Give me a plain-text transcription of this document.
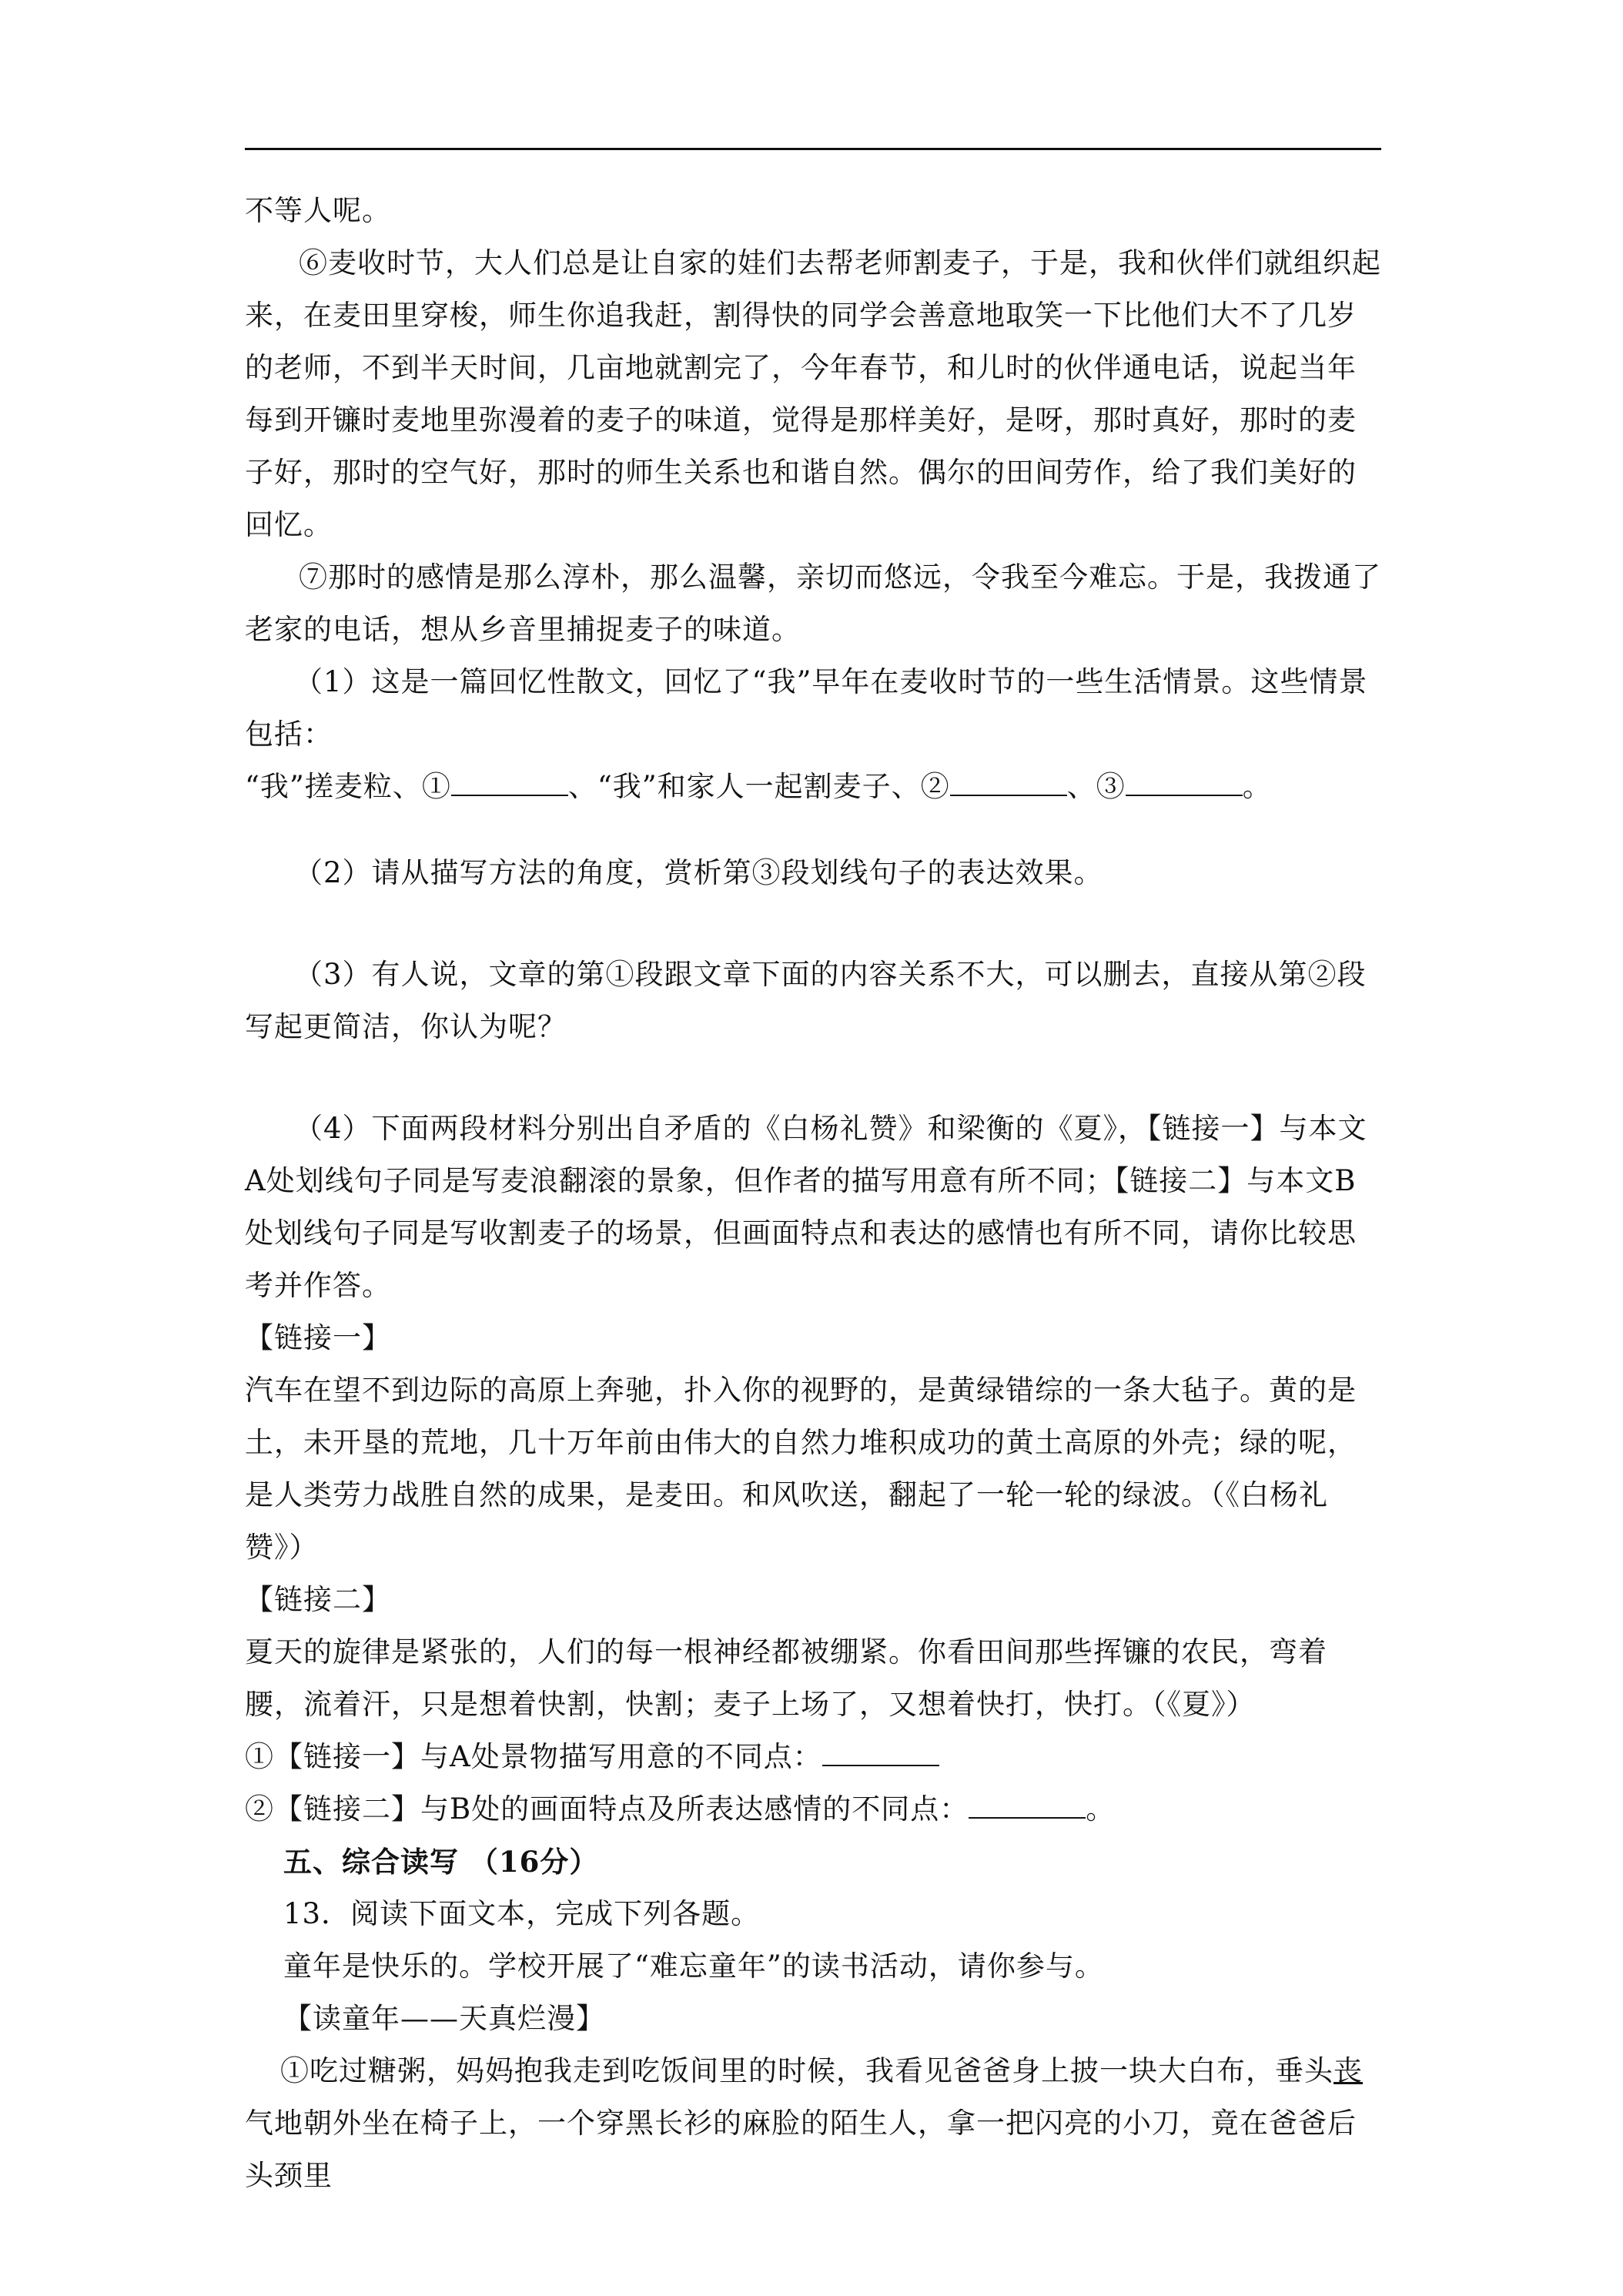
不等人呢。

⑥麦收时节，大人们总是让自家的娃们去帮老师割麦子，于是，我和伙伴们就组织起来，在麦田里穿梭，师生你追我赶，割得快的同学会善意地取笑一下比他们大不了几岁的老师，不到半天时间，几亩地就割完了，今年春节，和儿时的伙伴通电话，说起当年每到开镰时麦地里弥漫着的麦子的味道，觉得是那样美好，是呀，那时真好，那时的麦子好，那时的空气好，那时的师生关系也和谐自然。偶尔的田间劳作，给了我们美好的回忆。

⑦那时的感情是那么淳朴，那么温馨，亲切而悠远，令我至今难忘。于是，我拨通了老家的电话，想从乡音里捕捉麦子的味道。

（1）这是一篇回忆性散文，回忆了“我”早年在麦收时节的一些生活情景。这些情景包括：
“我”搓麦粒、①	、“我”和家人一起割麦子、②	、③	。

（2）请从描写方法的角度，赏析第③段划线句子的表达效果。

（3）有人说，文章的第①段跟文章下面的内容关系不大，可以删去，直接从第②段写起更简洁，你认为呢？

（4）下面两段材料分别出自矛盾的《白杨礼赞》和梁衡的《夏》，【链接一】与本文A处划线句子同是写麦浪翻滚的景象，但作者的描写用意有所不同；【链接二】与本文B处划线句子同是写收割麦子的场景，但画面特点和表达的感情也有所不同，请你比较思考并作答。

【链接一】

汽车在望不到边际的高原上奔驰，扑入你的视野的，是黄绿错综的一条大毡子。黄的是土，未开垦的荒地，几十万年前由伟大的自然力堆积成功的黄土高原的外壳；绿的呢，是人类劳力战胜自然的成果，是麦田。和风吹送，翻起了一轮一轮的绿波。（《白杨礼赞》）

【链接二】

夏天的旋律是紧张的，人们的每一根神经都被绷紧。你看田间那些挥镰的农民，弯着腰，流着汗，只是想着快割，快割；麦子上场了，又想着快打，快打。（《夏》）

①【链接一】与A处景物描写用意的不同点：

②【链接二】与B处的画面特点及所表达感情的不同点：	。

五、综合读写 （16分）

13．阅读下面文本，完成下列各题。

童年是快乐的。学校开展了“难忘童年”的读书活动，请你参与。

【读童年——天真烂漫】

①吃过糖粥，妈妈抱我走到吃饭间里的时候，我看见爸爸身上披一块大白布，垂头丧气地朝外坐在椅子上，一个穿黑长衫的麻脸的陌生人，拿一把闪亮的小刀，竟在爸爸后头颈里
